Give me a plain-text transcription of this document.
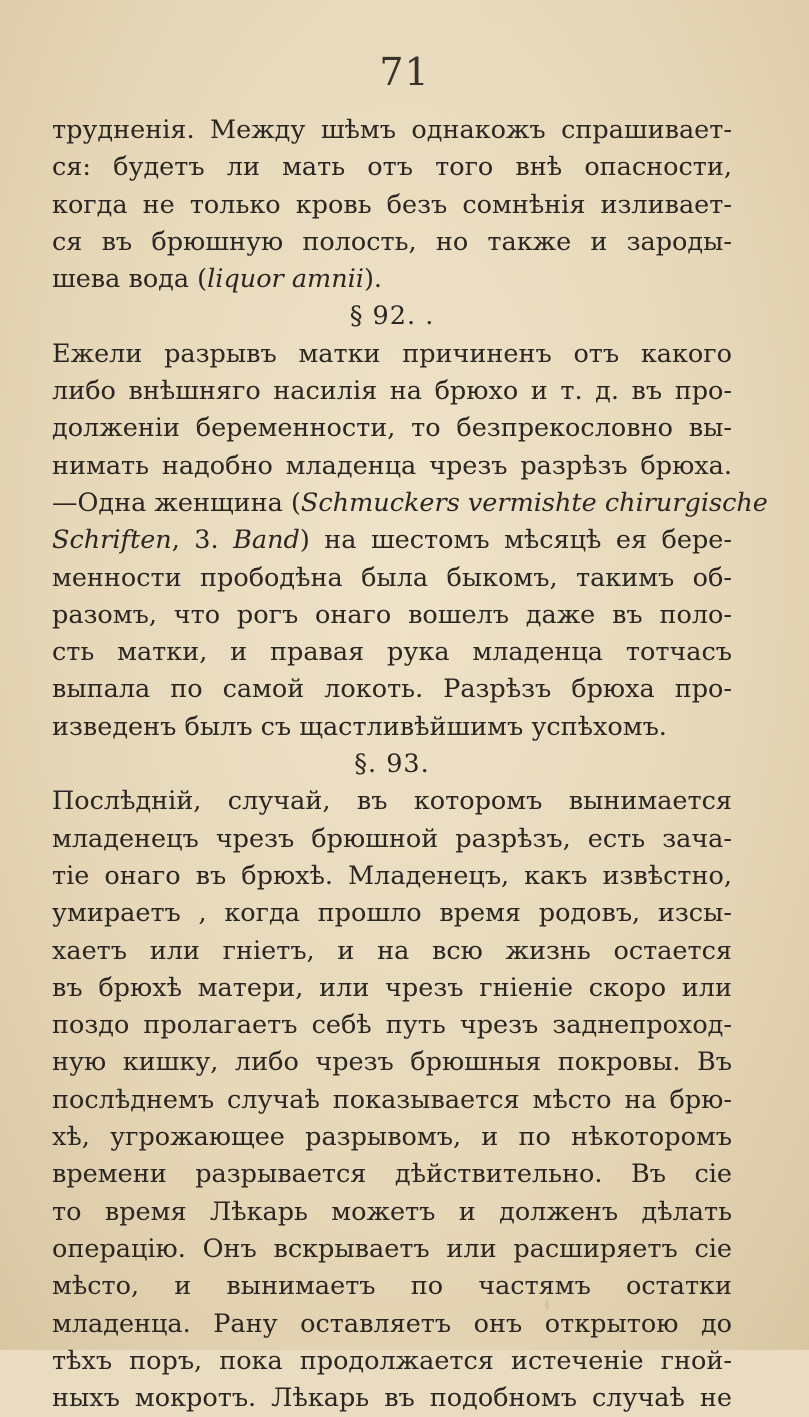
71
трудненія. Между шѣмъ однакожъ спрашивает-
ся: будетъ ли мать отъ того внѣ опасности,
когда не только кровь безъ сомнѣнія изливает-
ся въ брюшную полость, но также и зароды-
шева вода (liquor amnii).
§ 92. .
Ежели разрывъ матки причиненъ отъ какого
либо внѣшняго насилія на брюхо и т. д. въ про-
долженіи беременности, то безпрекословно вы-
нимать надобно младенца чрезъ разрѣзъ брюха.
—Одна женщина (Schmuckers vermishte chirurgische
Schriften, 3. Band) на шестомъ мѣсяцѣ ея бере-
менности прободѣна была быкомъ, такимъ об-
разомъ, что рогъ онаго вошелъ даже въ поло-
сть матки, и правая рука младенца тотчасъ
выпала по самой локоть. Разрѣзъ брюха про-
изведенъ былъ съ щастливѣйшимъ успѣхомъ.
§. 93.
Послѣдній, случай, въ которомъ вынимается
младенецъ чрезъ брюшной разрѣзъ, есть зача-
тіе онаго въ брюхѣ. Младенецъ, какъ извѣстно,
умираетъ , когда прошло время родовъ, изсы-
хаетъ или гніетъ, и на всю жизнь остается
въ брюхѣ матери, или чрезъ гніеніе скоро или
поздо пролагаетъ себѣ путь чрезъ заднепроход-
ную кишку, либо чрезъ брюшныя покровы. Въ
послѣднемъ случаѣ показывается мѣсто на брю-
хѣ, угрожающее разрывомъ, и по нѣкоторомъ
времени разрывается дѣйствительно. Въ сіе
то время Лѣкарь можетъ и долженъ дѣлать
операцію. Онъ вскрываетъ или расширяетъ сіе
мѣсто, и вынимаетъ по частямъ остатки
младенца. Рану оставляетъ онъ открытою до
тѣхъ поръ, пока продолжается истеченіе гной-
ныхъ мокротъ. Лѣкарь въ подобномъ случаѣ не
